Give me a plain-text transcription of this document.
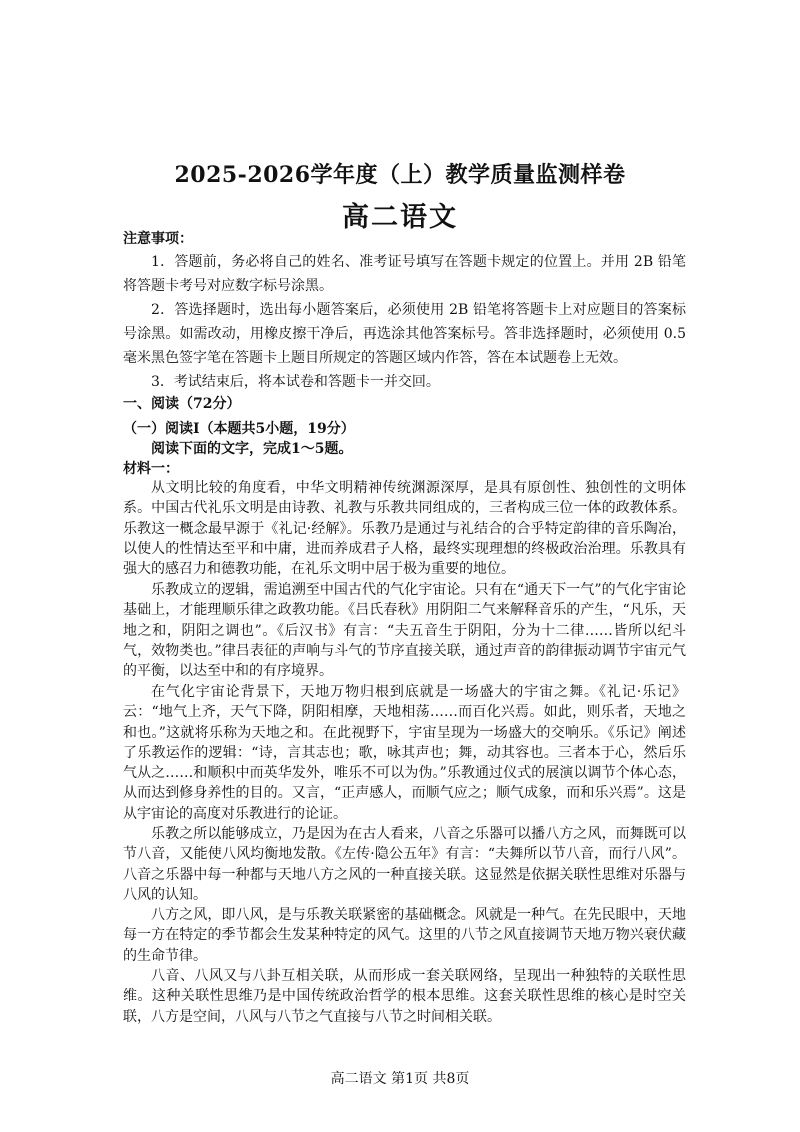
2025-2026学年度（上）教学质量监测样卷
高二语文
注意事项：
1．答题前，务必将自己的姓名、准考证号填写在答题卡规定的位置上。并用 2B 铅笔将答题卡考号对应数字标号涂黑。
2．答选择题时，选出每小题答案后，必须使用 2B 铅笔将答题卡上对应题目的答案标号涂黑。如需改动，用橡皮擦干净后，再选涂其他答案标号。答非选择题时，必须使用 0.5 毫米黑色签字笔在答题卡上题目所规定的答题区域内作答，答在本试题卷上无效。
3．考试结束后，将本试卷和答题卡一并交回。
一、阅读（72分）
（一）阅读Ⅰ（本题共5小题，19分）
阅读下面的文字，完成1～5题。
材料一：
从文明比较的角度看，中华文明精神传统渊源深厚，是具有原创性、独创性的文明体系。中国古代礼乐文明是由诗教、礼教与乐教共同组成的，三者构成三位一体的政教体系。乐教这一概念最早源于《礼记·经解》。乐教乃是通过与礼结合的合乎特定韵律的音乐陶冶，以使人的性情达至平和中庸，进而养成君子人格，最终实现理想的终极政治治理。乐教具有强大的感召力和德教功能，在礼乐文明中居于极为重要的地位。
乐教成立的逻辑，需追溯至中国古代的气化宇宙论。只有在“通天下一气”的气化宇宙论基础上，才能理顺乐律之政教功能。《吕氏春秋》用阴阳二气来解释音乐的产生，“凡乐，天地之和，阴阳之调也”。《后汉书》有言：“夫五音生于阴阳，分为十二律……皆所以纪斗气，效物类也。”律吕表征的声响与斗气的节序直接关联，通过声音的韵律振动调节宇宙元气的平衡，以达至中和的有序境界。
在气化宇宙论背景下，天地万物归根到底就是一场盛大的宇宙之舞。《礼记·乐记》云：“地气上齐，天气下降，阴阳相摩，天地相荡……而百化兴焉。如此，则乐者，天地之和也。”这就将乐称为天地之和。在此视野下，宇宙呈现为一场盛大的交响乐。《乐记》阐述了乐教运作的逻辑：“诗，言其志也；歌，咏其声也；舞，动其容也。三者本于心，然后乐气从之……和顺积中而英华发外，唯乐不可以为伪。”乐教通过仪式的展演以调节个体心态，从而达到修身养性的目的。又言，“正声感人，而顺气应之；顺气成象，而和乐兴焉”。这是从宇宙论的高度对乐教进行的论证。
乐教之所以能够成立，乃是因为在古人看来，八音之乐器可以播八方之风，而舞既可以节八音，又能使八风均衡地发散。《左传·隐公五年》有言：“夫舞所以节八音，而行八风”。八音之乐器中每一种都与天地八方之风的一种直接关联。这显然是依据关联性思维对乐器与八风的认知。
八方之风，即八风，是与乐教关联紧密的基础概念。风就是一种气。在先民眼中，天地每一方在特定的季节都会生发某种特定的风气。这里的八节之风直接调节天地万物兴衰伏藏的生命节律。
八音、八风又与八卦互相关联，从而形成一套关联网络，呈现出一种独特的关联性思维。这种关联性思维乃是中国传统政治哲学的根本思维。这套关联性思维的核心是时空关联，八方是空间，八风与八节之气直接与八节之时间相关联。
高二语文 第1页 共8页
